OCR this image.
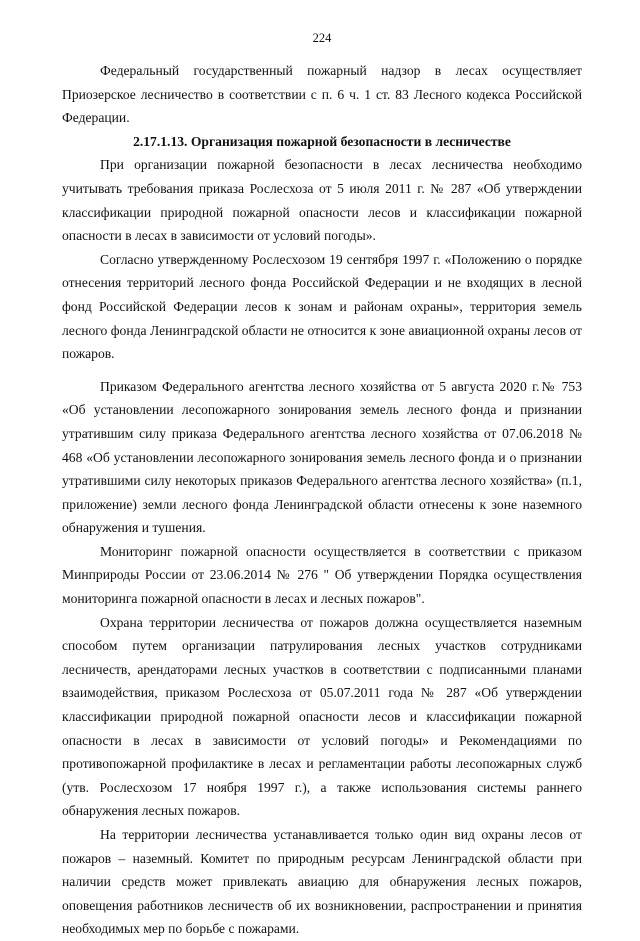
224

Федеральный государственный пожарный надзор в лесах осуществляет Приозерское лесничество в соответствии с п. 6 ч. 1 ст. 83 Лесного кодекса Российской Федерации.

2.17.1.13. Организация пожарной безопасности в лесничестве

При организации пожарной безопасности в лесах лесничества необходимо учитывать требования приказа Рослесхоза от 5 июля 2011 г. № 287 «Об утверждении классификации природной пожарной опасности лесов и классификации пожарной опасности в лесах в зависимости от условий погоды».

Согласно утвержденному Рослесхозом 19 сентября 1997 г. «Положению о порядке отнесения территорий лесного фонда Российской Федерации и не входящих в лесной фонд Российской Федерации лесов к зонам и районам охраны», территория земель лесного фонда Ленинградской области не относится к зоне авиационной охраны лесов от пожаров.

Приказом Федерального агентства лесного хозяйства от 5 августа 2020 г.№ 753 «Об установлении лесопожарного зонирования земель лесного фонда и признании утратившим силу приказа Федерального агентства лесного хозяйства от 07.06.2018 № 468 «Об установлении лесопожарного зонирования земель лесного фонда и о признании утратившими силу некоторых приказов Федерального агентства лесного хозяйства» (п.1, приложение) земли лесного фонда Ленинградской области отнесены к зоне наземного обнаружения и тушения.

Мониторинг пожарной опасности осуществляется в соответствии с приказом Минприроды России от 23.06.2014 № 276 " Об утверждении Порядка осуществления мониторинга пожарной опасности в лесах и лесных пожаров".

Охрана территории лесничества от пожаров должна осуществляется наземным способом путем организации патрулирования лесных участков сотрудниками лесничеств, арендаторами лесных участков в соответствии с подписанными планами взаимодействия, приказом Рослесхоза от 05.07.2011 года № 287 «Об утверждении классификации природной пожарной опасности лесов и классификации пожарной опасности в лесах в зависимости от условий погоды» и Рекомендациями по противопожарной профилактике в лесах и регламентации работы лесопожарных служб (утв. Рослесхозом 17 ноября 1997 г.), а также использования системы раннего обнаружения лесных пожаров.

На территории лесничества устанавливается только один вид охраны лесов от пожаров – наземный. Комитет по природным ресурсам Ленинградской области при наличии средств может привлекать авиацию для обнаружения лесных пожаров, оповещения работников лесничеств об их возникновении, распространении и принятия необходимых мер по борьбе с пожарами.
